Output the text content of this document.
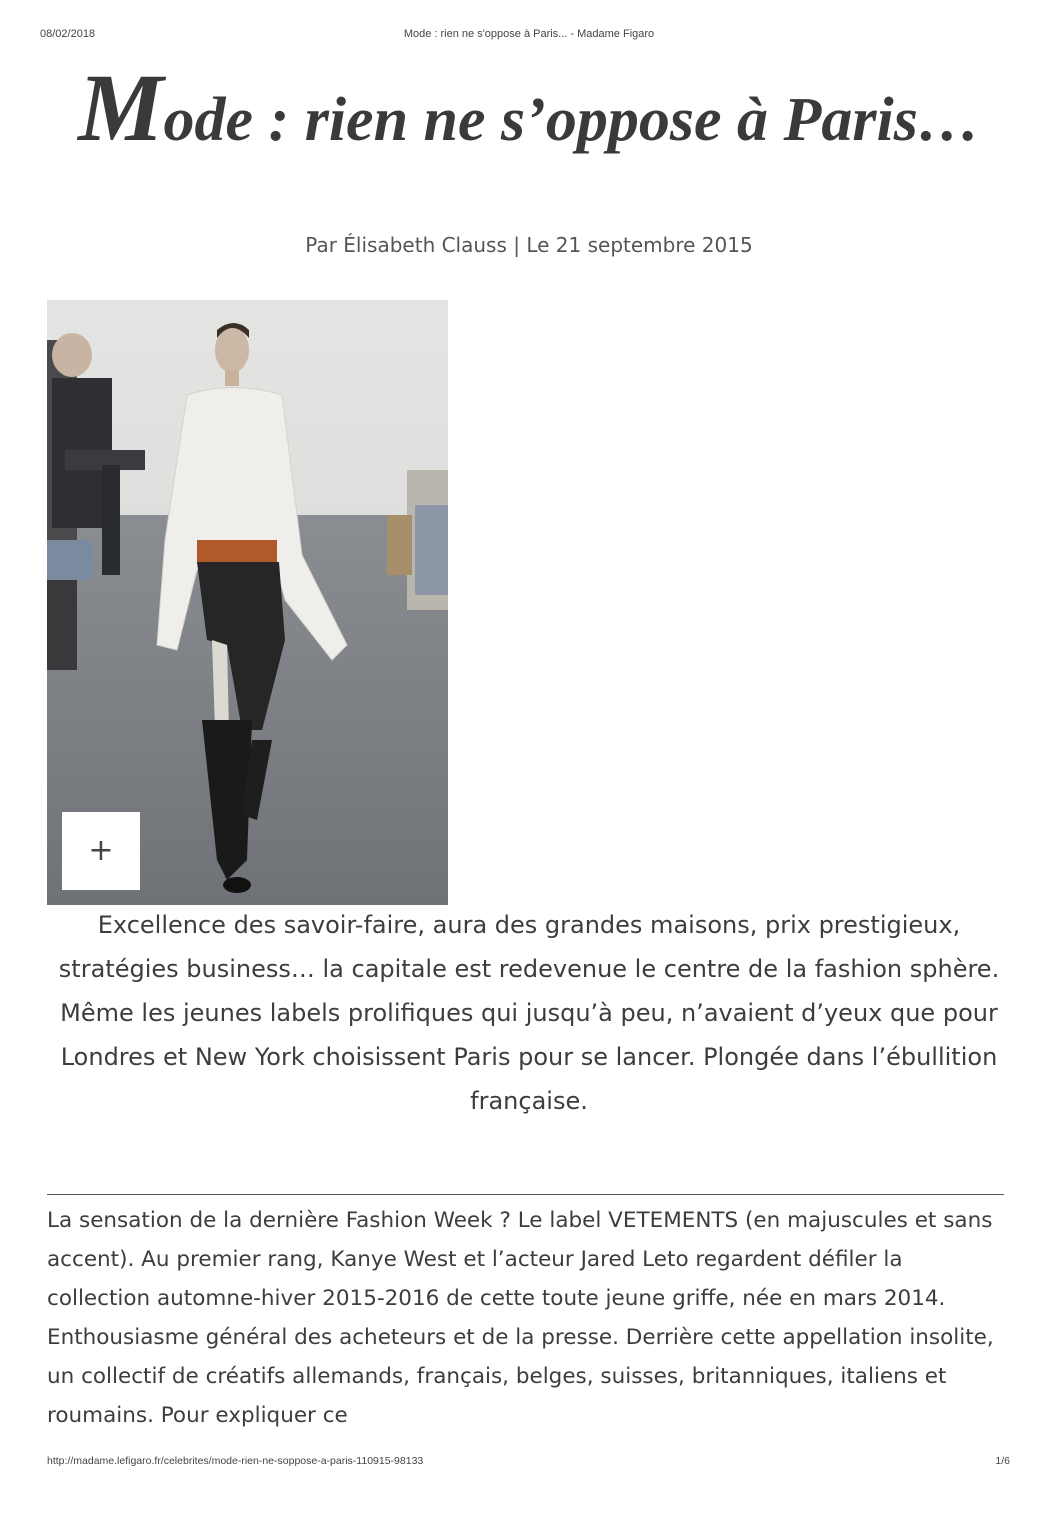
08/02/2018	Mode : rien ne s'oppose à Paris... - Madame Figaro
Mode : rien ne s’oppose à Paris…
Par Élisabeth Clauss | Le 21 septembre 2015
+

Excellence des savoir-faire, aura des grandes maisons, prix prestigieux, stratégies business… la capitale est redevenue le centre de la fashion sphère. Même les jeunes labels prolifiques qui jusqu’à peu, n’avaient d’yeux que pour Londres et New York choisissent Paris pour se lancer. Plongée dans l’ébullition française.

La sensation de la dernière Fashion Week ? Le label VETEMENTS (en majuscules et sans accent). Au premier rang, Kanye West et l’acteur Jared Leto regardent défiler la collection automne-hiver 2015-2016 de cette toute jeune griffe, née en mars 2014. Enthousiasme général des acheteurs et de la presse. Derrière cette appellation insolite, un collectif de créatifs allemands, français, belges, suisses, britanniques, italiens et roumains. Pour expliquer ce

http://madame.lefigaro.fr/celebrites/mode-rien-ne-soppose-a-paris-110915-98133	1/6
